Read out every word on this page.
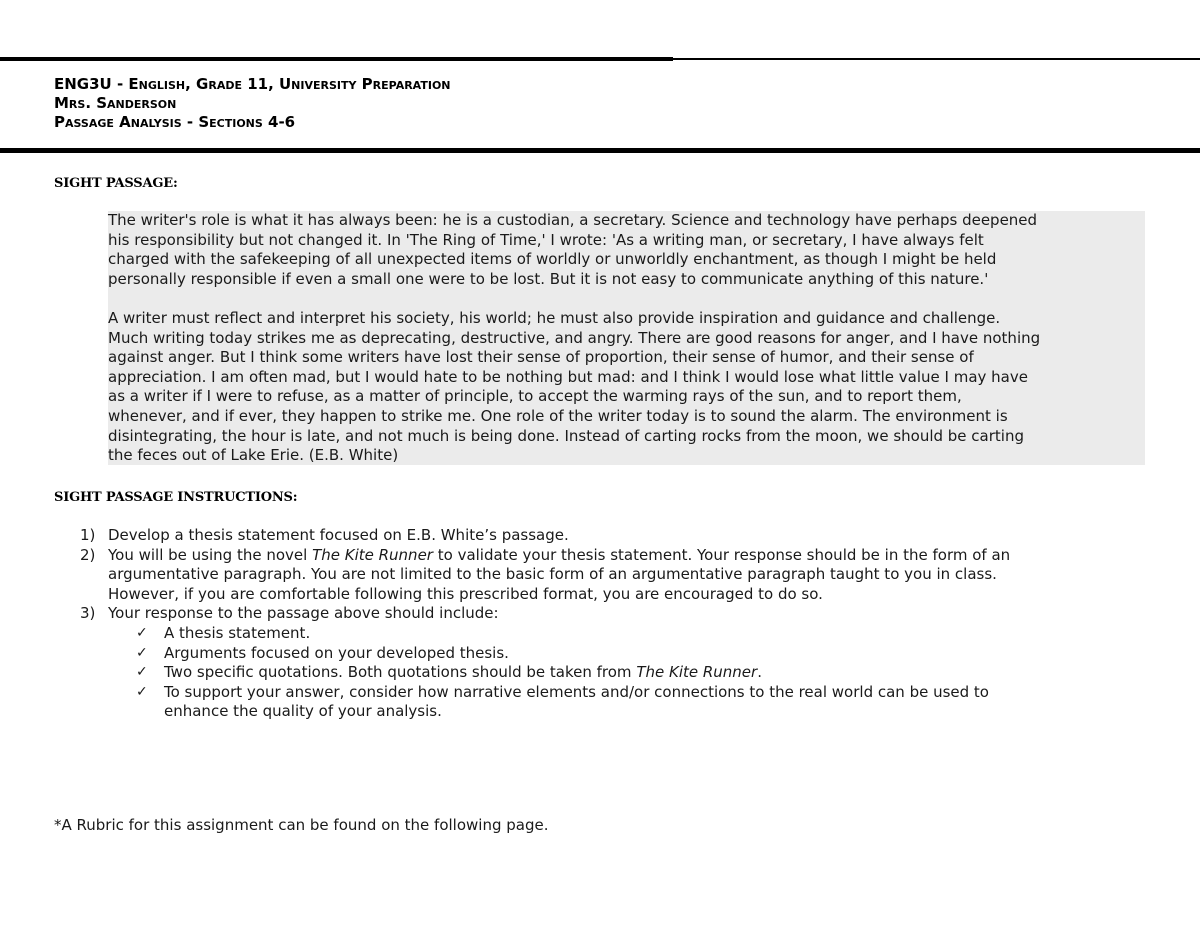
ENG3U - English, Grade 11, University Preparation
Mrs. Sanderson
Passage Analysis - Sections 4-6
SIGHT PASSAGE:

The writer's role is what it has always been: he is a custodian, a secretary. Science and technology have perhaps deepened

his responsibility but not changed it. In 'The Ring of Time,' I wrote: 'As a writing man, or secretary, I have always felt

charged with the safekeeping of all unexpected items of worldly or unworldly enchantment, as though I might be held

personally responsible if even a small one were to be lost. But it is not easy to communicate anything of this nature.'

A writer must reflect and interpret his society, his world; he must also provide inspiration and guidance and challenge.

Much writing today strikes me as deprecating, destructive, and angry. There are good reasons for anger, and I have nothing

against anger. But I think some writers have lost their sense of proportion, their sense of humor, and their sense of

appreciation. I am often mad, but I would hate to be nothing but mad: and I think I would lose what little value I may have

as a writer if I were to refuse, as a matter of principle, to accept the warming rays of the sun, and to report them,

whenever, and if ever, they happen to strike me. One role of the writer today is to sound the alarm. The environment is

disintegrating, the hour is late, and not much is being done. Instead of carting rocks from the moon, we should be carting

the feces out of Lake Erie. (E.B. White)

SIGHT PASSAGE INSTRUCTIONS:
1) Develop a thesis statement focused on E.B. White’s passage.
2) You will be using the novel The Kite Runner to validate your thesis statement. Your response should be in the form of an
argumentative paragraph. You are not limited to the basic form of an argumentative paragraph taught to you in class.
However, if you are comfortable following this prescribed format, you are encouraged to do so.
3) Your response to the passage above should include:
✓ A thesis statement.
✓ Arguments focused on your developed thesis.
✓ Two specific quotations. Both quotations should be taken from The Kite Runner.
✓ To support your answer, consider how narrative elements and/or connections to the real world can be used to
enhance the quality of your analysis.
*A Rubric for this assignment can be found on the following page.
